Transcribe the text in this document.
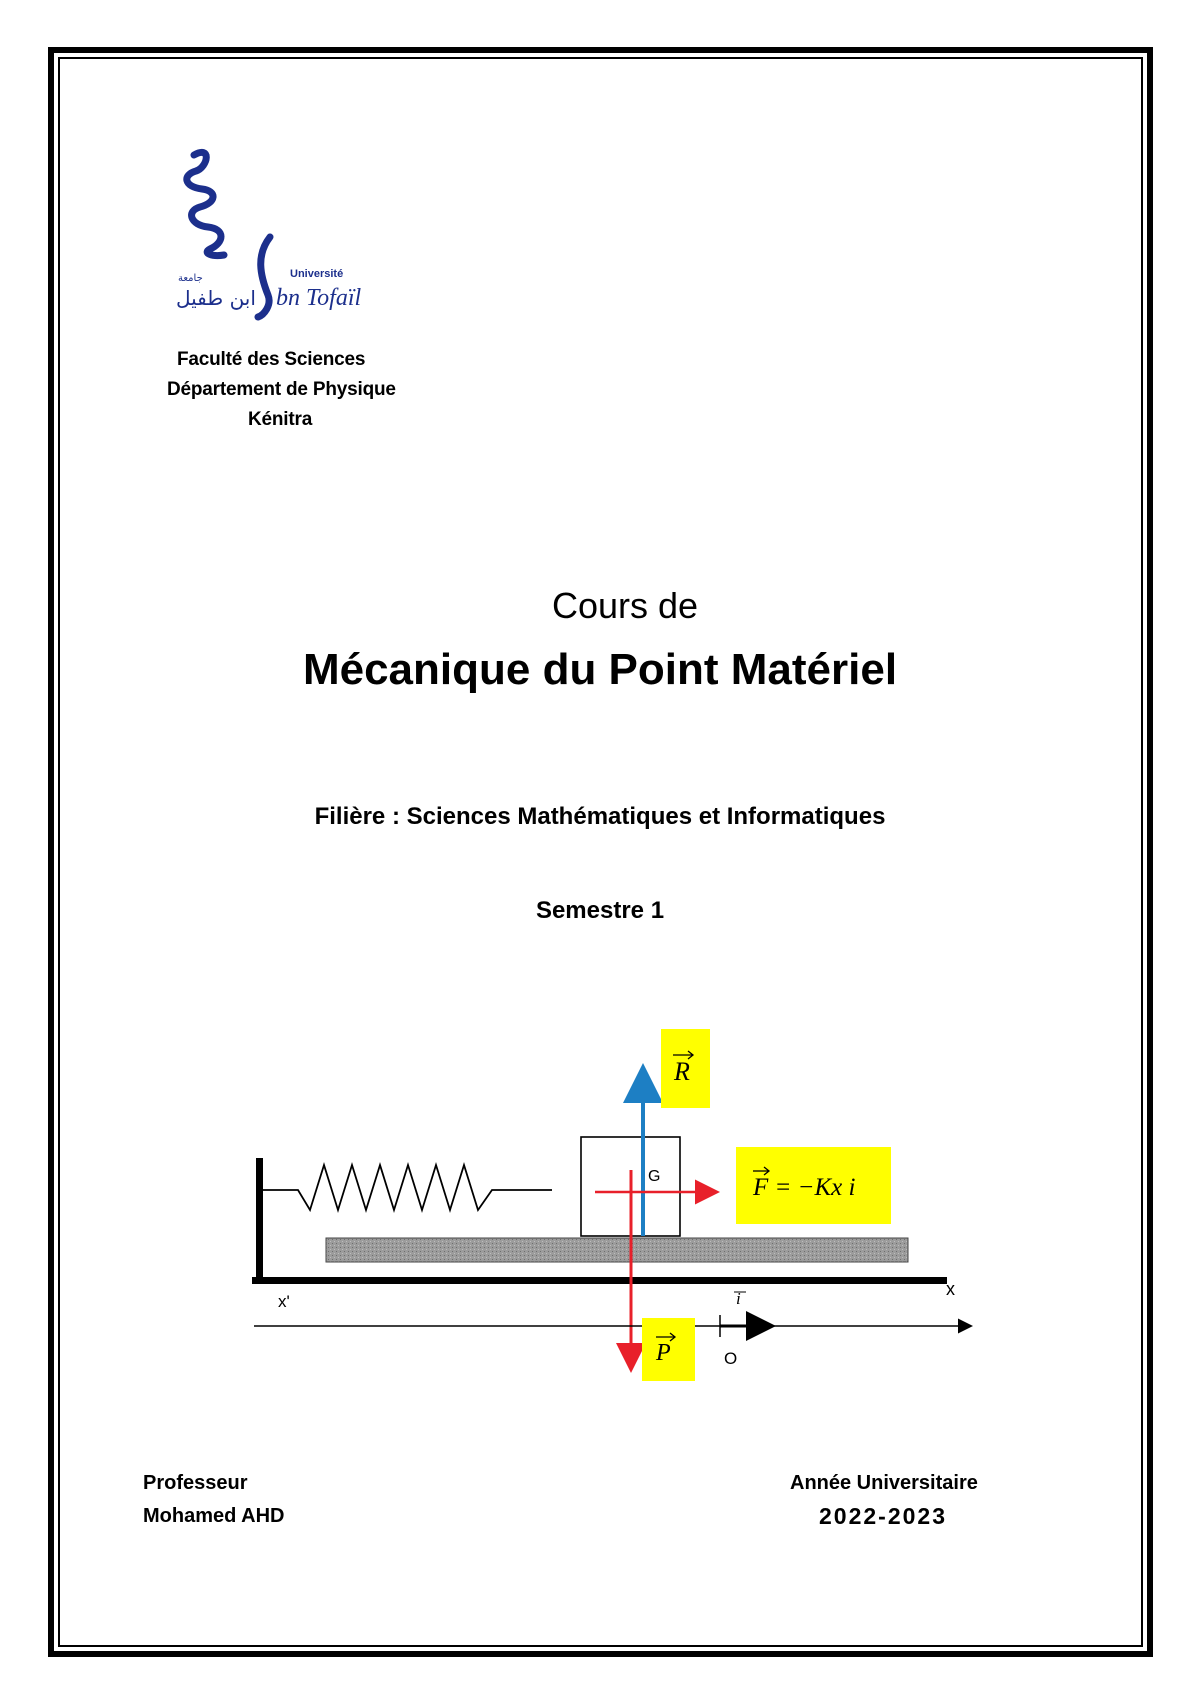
Université
bn Tofaïl
جامعة
ابن طفيل
Faculté des Sciences
Département de Physique
Kénitra
Cours de
Mécanique du Point Matériel
Filière : Sciences Mathématiques et Informatiques
Semestre 1
G
x'
x
i
O
R
F = −Kx i
P
Professeur
Mohamed AHD
Année Universitaire
2022-2023
